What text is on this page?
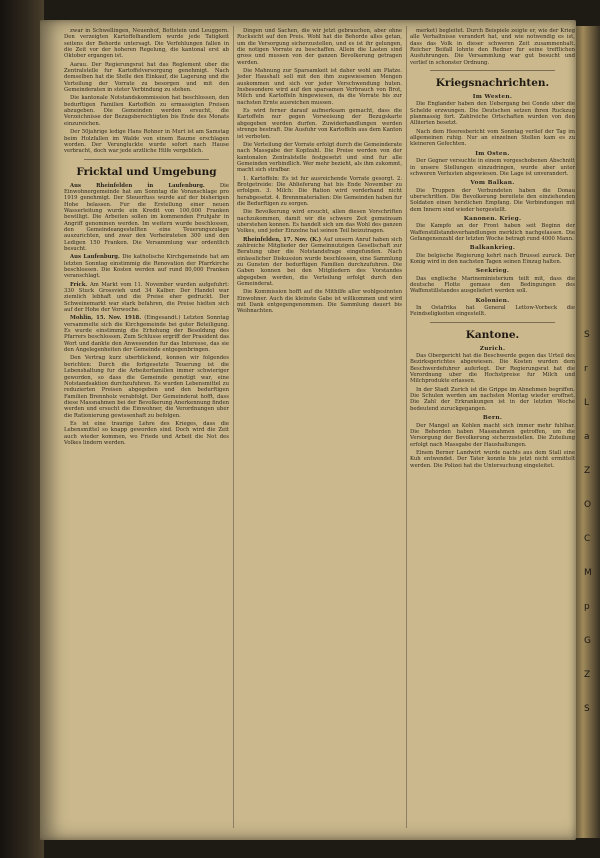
S
r
L
a
Z
O
C
M
p
G
Z
S

zwar in Schwellingen, Neuenhof, Bottstein und Leuggern. Den verzeigten Kartoffelhandlern wurde jede Tatigkeit seitens der Behorde untersagt. Die Verfehlungen fallen in die Zeit vor der hoheren Regelung, die kantonal erst ab Oktober ergangen ist.

Aarau. Der Regierungsrat hat das Reglement uber die Zentralstelle fur Kartoffelversorgung genehmigt. Nach demselben hat die Stelle den Einkauf, die Lagerung und die Verteilung der Vorrate zu besorgen und mit den Gemeinderaten in steter Verbindung zu stehen.

Die kantonale Notstandskommission hat beschlossen, den bedurftigen Familien Kartoffeln zu ermassigten Preisen abzugeben. Die Gemeinden werden ersucht, die Verzeichnisse der Bezugsberechtigten bis Ende des Monats einzureichen.

Der 50jahrige ledige Hans Rohner in Murt ist am Samstag beim Holzfallen im Walde von einem Baume erschlagen worden. Der Verungluckte wurde sofort nach Hause verbracht, doch war jede arztliche Hilfe vergeblich.

Fricktal und Umgebung

Aus Rheinfelden in Laufenburg. Die Einwohnergemeinde hat am Sonntag die Voranschlage pro 1919 genehmigt. Der Steuerfuss wurde auf der bisherigen Hohe belassen. Fur die Erstellung einer neuen Wasserleitung wurde ein Kredit von 100,000 Franken bewilligt. Die Arbeiten sollen im kommenden Fruhjahr in Angriff genommen werden. Im weitern wurde beschlossen, den Gemeindeangestellten eine Teuerungszulage auszurichten, und zwar den Verheirateten 300 und den Ledigen 150 Franken. Die Versammlung war ordentlich besucht.

Aus Laufenburg. Die katholische Kirchgemeinde hat am letzten Sonntag einstimmig die Renovation der Pfarrkirche beschlossen. Die Kosten werden auf rund 80,000 Franken veranschlagt.

Frick. Am Markt vom 11. November wurden aufgefuhrt: 330 Stuck Grossvieh und 34 Kalber. Der Handel war ziemlich lebhaft und die Preise eher gedruckt. Der Schweinemarkt war stark befahren, die Preise hielten sich auf der Hohe der Vorwoche.

Mohlin, 15. Nov. 1918. (Eingesandt.) Letzten Sonntag versammelte sich die Kirchgemeinde bei guter Beteiligung. Es wurde einstimmig die Erhohung der Besoldung des Pfarrers beschlossen. Zum Schlusse ergriff der Prasident das Wort und dankte den Anwesenden fur das Interesse, das sie den Angelegenheiten der Gemeinde entgegenbringen.

Den Vertrag kurz uberblickend, konnen wir folgendes berichten: Durch die fortgesetzte Teuerung ist die Lebenshaltung fur die Arbeiterfamilien immer schwieriger geworden, so dass die Gemeinde genotigt war, eine Notstandsaktion durchzufuhren. Es wurden Lebensmittel zu reduzierten Preisen abgegeben und den bedurftigen Familien Brennholz verabfolgt. Der Gemeinderat hofft, dass diese Massnahmen bei der Bevolkerung Anerkennung finden werden und ersucht die Einwohner, die Verordnungen uber die Rationierung gewissenhaft zu befolgen.

Es ist eine traurige Lehre des Krieges, dass die Lebensmittel so knapp geworden sind. Doch wird die Zeit auch wieder kommen, wo Friede und Arbeit die Not des Volkes lindern werden.

Dingen und Sachen, die wir jetzt gebrauchen, aber ohne Rucksicht auf den Preis. Wohl hat die Behorde alles getan, um die Versorgung sicherzustellen, und es ist ihr gelungen, die notigen Vorrate zu beschaffen. Allein die Lasten sind gross und mussen von der ganzen Bevolkerung getragen werden.

Die Mahnung zur Sparsamkeit ist daher wohl am Platze. Jeder Haushalt soll mit den ihm zugewiesenen Mengen auskommen und sich vor jeder Verschwendung huten. Insbesondere wird auf den sparsamen Verbrauch von Brot, Milch und Kartoffeln hingewiesen, da die Vorrate bis zur nachsten Ernte ausreichen mussen.

Es wird ferner darauf aufmerksam gemacht, dass die Kartoffeln nur gegen Vorweisung der Bezugskarte abgegeben werden durfen. Zuwiderhandlungen werden strenge bestraft. Die Ausfuhr von Kartoffeln aus dem Kanton ist verboten.

Die Verteilung der Vorrate erfolgt durch die Gemeinderate nach Massgabe der Kopfzahl. Die Preise werden von der kantonalen Zentralstelle festgesetzt und sind fur alle Gemeinden verbindlich. Wer mehr bezieht, als ihm zukommt, macht sich strafbar.

1. Kartoffeln: Es ist fur ausreichende Vorrate gesorgt. 2. Brotgetreide: Die Ablieferung hat bis Ende November zu erfolgen. 3. Milch: Die Ration wird vorderhand nicht herabgesetzt. 4. Brennmaterialien: Die Gemeinden haben fur die Bedurftigen zu sorgen.

Die Bevolkerung wird ersucht, allen diesen Vorschriften nachzukommen, damit wir die schwere Zeit gemeinsam uberstehen konnen. Es handelt sich um das Wohl des ganzen Volkes, und jeder Einzelne hat seinen Teil beizutragen.

Rheinfelden, 17. Nov. (K.) Auf unsern Anruf haben sich zahlreiche Mitglieder der Gemeinnutzigen Gesellschaft zur Beratung uber die Notstandsfrage eingefunden. Nach einlasslicher Diskussion wurde beschlossen, eine Sammlung zu Gunsten der bedurftigen Familien durchzufuhren. Die Gaben konnen bei den Mitgliedern des Vorstandes abgegeben werden, die Verteilung erfolgt durch den Gemeinderat.

Die Kommission hofft auf die Mithilfe aller wohlgesinnten Einwohner. Auch die kleinste Gabe ist willkommen und wird mit Dank entgegengenommen. Die Sammlung dauert bis Weihnachten.

merket) begleitet. Durch Beispiele zeigte er, wie der Krieg alle Verhaltnisse verandert hat, und wie notwendig es ist, dass das Volk in dieser schweren Zeit zusammenhalt. Reicher Beifall lohnte den Redner fur seine trefflichen Ausfuhrungen. Die Versammlung war gut besucht und verlief in schonster Ordnung.

Kriegsnachrichten.
Im Westen.

Die Englander haben den Uebergang bei Conde uber die Schelde erzwungen. Die Deutschen setzen ihren Ruckzug planmassig fort. Zahlreiche Ortschaften wurden von den Alliierten besetzt.

Nach dem Heeresbericht vom Sonntag verlief der Tag im allgemeinen ruhig. Nur an einzelnen Stellen kam es zu kleineren Gefechten.

Im Osten.

Der Gegner versuchte in einem vorgeschobenen Abschnitt in unsere Stellungen einzudringen, wurde aber unter schweren Verlusten abgewiesen. Die Lage ist unverandert.

Vom Balkan.

Die Truppen der Verbundeten haben die Donau uberschritten. Die Bevolkerung bereitete den einziehenden Soldaten einen herzlichen Empfang. Die Verbindungen mit dem Innern sind wieder hergestellt.

Kanonen. Krieg.

Die Kampfe an der Front haben seit Beginn der Waffenstillstandsverhandlungen merklich nachgelassen. Die Gefangenenzahl der letzten Woche betragt rund 4000 Mann.

Balkankrieg.

Die belgische Regierung kehrt nach Brussel zuruck. Der Konig wird in den nachsten Tagen seinen Einzug halten.

Seekrieg.

Das englische Marineministerium teilt mit, dass die deutsche Flotte gemass den Bedingungen des Waffenstillstandes ausgeliefert werden soll.

Kolonien.

In Ostafrika hat General Lettow-Vorbeck die Feindseligkeiten eingestellt.

Kantone.
Zurich.

Das Obergericht hat die Beschwerde gegen das Urteil des Bezirksgerichtes abgewiesen. Die Kosten wurden dem Beschwerdefuhrer auferlegt. Der Regierungsrat hat die Verordnung uber die Hochstpreise fur Milch und Milchprodukte erlassen.

In der Stadt Zurich ist die Grippe im Abnehmen begriffen. Die Schulen werden am nachsten Montag wieder eroffnet. Die Zahl der Erkrankungen ist in der letzten Woche bedeutend zuruckgegangen.

Bern.

Der Mangel an Kohlen macht sich immer mehr fuhlbar. Die Behorden haben Massnahmen getroffen, um die Versorgung der Bevolkerung sicherzustellen. Die Zuteilung erfolgt nach Massgabe der Haushaltungen.

Einem Berner Landwirt wurde nachts aus dem Stall eine Kuh entwendet. Der Tater konnte bis jetzt nicht ermittelt werden. Die Polizei hat die Untersuchung eingeleitet.
